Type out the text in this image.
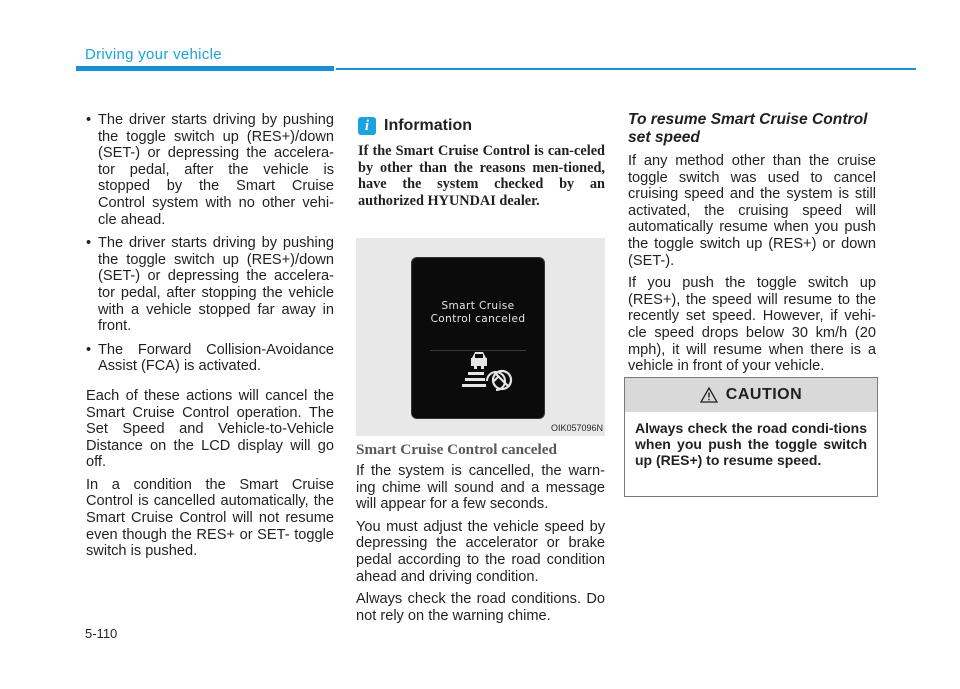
Driving your vehicle
• The driver starts driving by pushing the toggle switch up (RES+)/down (SET-) or depressing the accelera-tor pedal, after the vehicle is stopped by the Smart Cruise Control system with no other vehi-cle ahead.
• The driver starts driving by pushing the toggle switch up (RES+)/down (SET-) or depressing the accelera-tor pedal, after stopping the vehicle with a vehicle stopped far away in front.
• The Forward Collision-Avoidance Assist (FCA) is activated.

Each of these actions will cancel the Smart Cruise Control operation. The Set Speed and Vehicle-to-Vehicle Distance on the LCD display will go off.

In a condition the Smart Cruise Control is cancelled automatically, the Smart Cruise Control will not resume even though the RES+ or SET- toggle switch is pushed.

i Information

If the Smart Cruise Control is can-celed by other than the reasons men-tioned, have the system checked by an authorized HYUNDAI dealer.

Smart Cruise
Control canceled
OIK057096N
Smart Cruise Control canceled

If the system is cancelled, the warn-ing chime will sound and a message will appear for a few seconds.

You must adjust the vehicle speed by depressing the accelerator or brake pedal according to the road condition ahead and driving condition.

Always check the road conditions. Do not rely on the warning chime.

To resume Smart Cruise Control set speed

If any method other than the cruise toggle switch was used to cancel cruising speed and the system is still activated, the cruising speed will automatically resume when you push the toggle switch up (RES+) or down (SET-).

If you push the toggle switch up (RES+), the speed will resume to the recently set speed. However, if vehi-cle speed drops below 30 km/h (20 mph), it will resume when there is a vehicle in front of your vehicle.

CAUTION
Always check the road condi-tions when you push the toggle switch up (RES+) to resume speed.
5-110
